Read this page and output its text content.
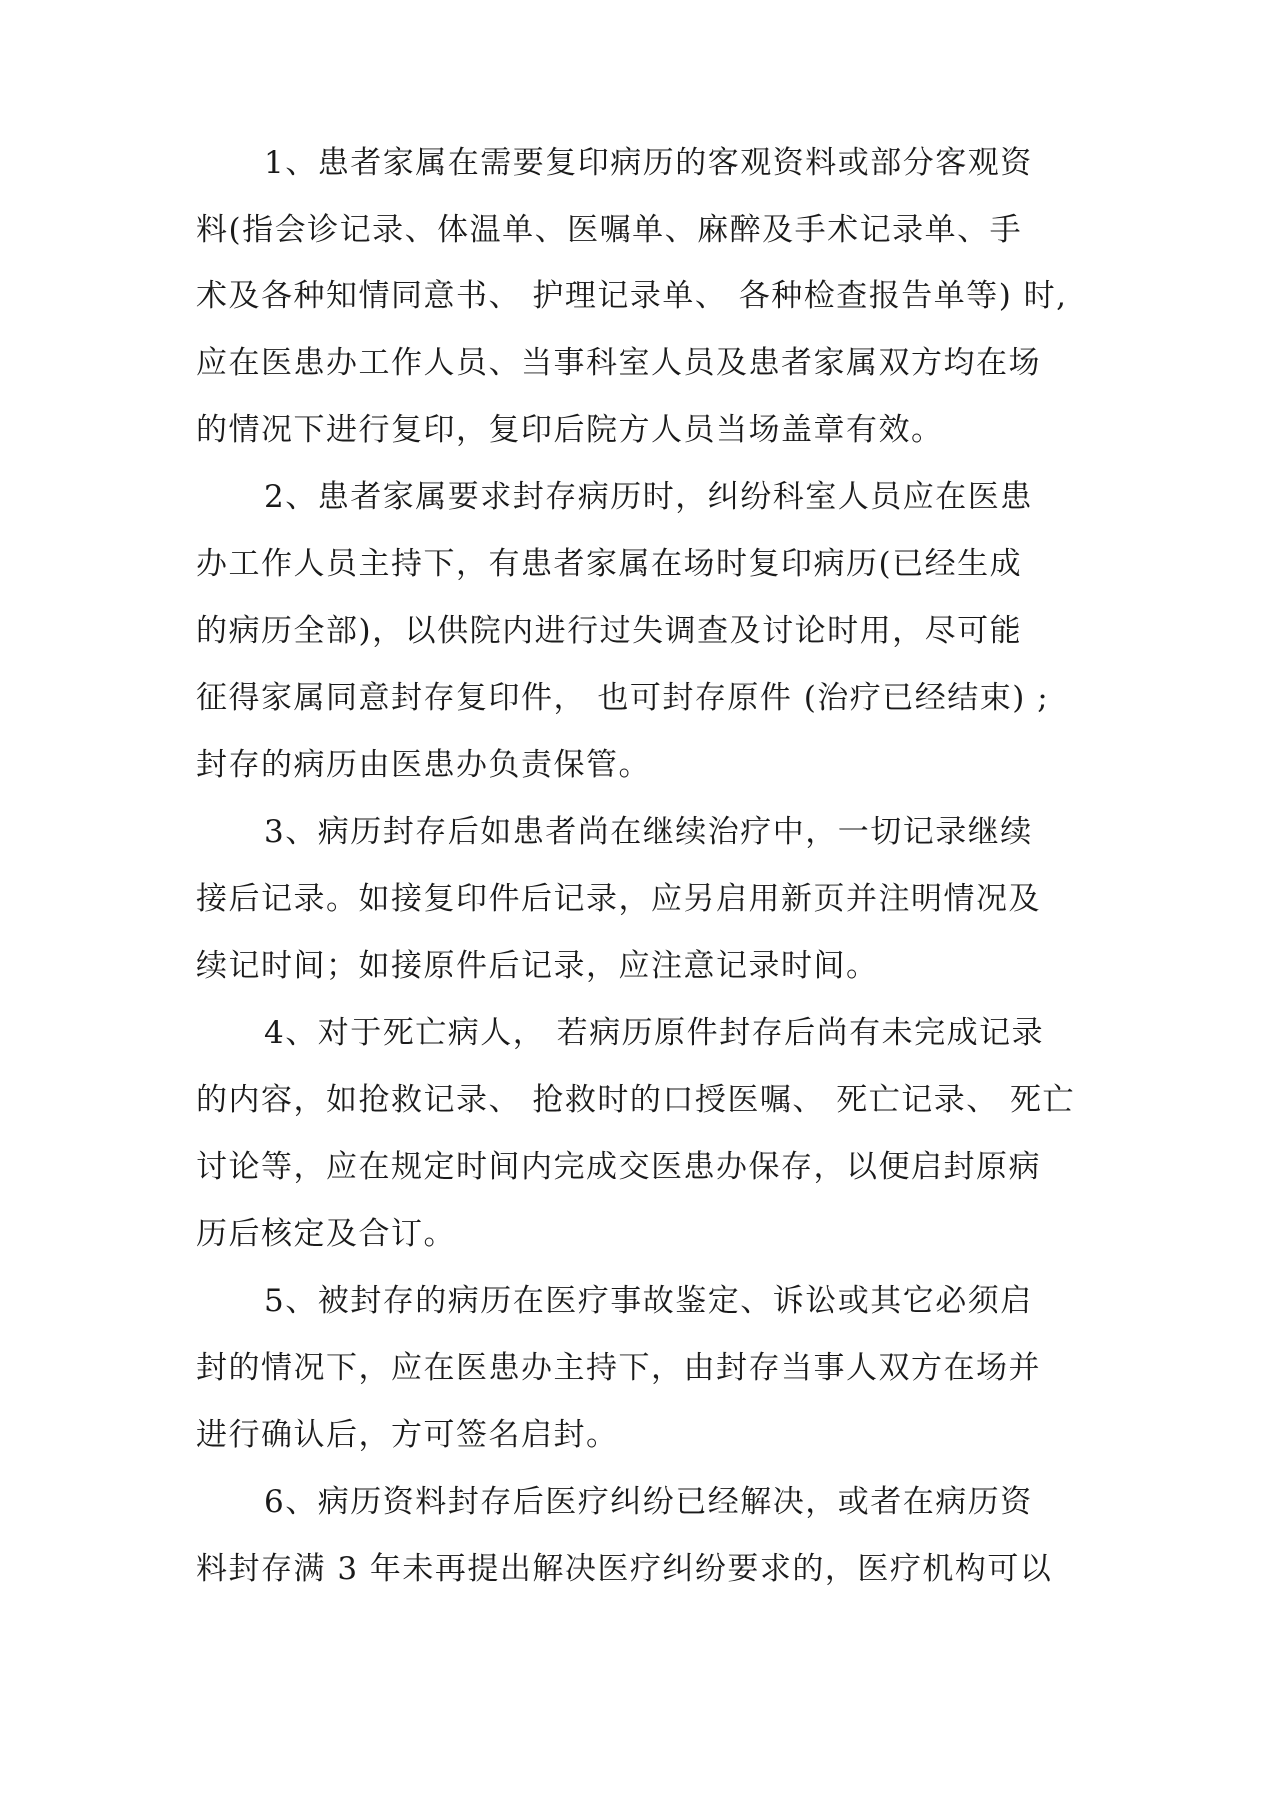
1、患者家属在需要复印病历的客观资料或部分客观资
料(指会诊记录、体温单、医嘱单、麻醉及手术记录单、手
术及各种知情同意书、 护理记录单、 各种检查报告单等) 时,
应在医患办工作人员、当事科室人员及患者家属双方均在场
的情况下进行复印，复印后院方人员当场盖章有效。
2、患者家属要求封存病历时，纠纷科室人员应在医患
办工作人员主持下，有患者家属在场时复印病历(已经生成
的病历全部)，以供院内进行过失调查及讨论时用，尽可能
征得家属同意封存复印件， 也可封存原件 (治疗已经结束) ;
封存的病历由医患办负责保管。
3、病历封存后如患者尚在继续治疗中，一切记录继续
接后记录。如接复印件后记录，应另启用新页并注明情况及
续记时间；如接原件后记录，应注意记录时间。
4、对于死亡病人， 若病历原件封存后尚有未完成记录
的内容，如抢救记录、 抢救时的口授医嘱、 死亡记录、 死亡
讨论等，应在规定时间内完成交医患办保存，以便启封原病
历后核定及合订。
5、被封存的病历在医疗事故鉴定、诉讼或其它必须启
封的情况下，应在医患办主持下，由封存当事人双方在场并
进行确认后，方可签名启封。
6、病历资料封存后医疗纠纷已经解决，或者在病历资
料封存满 3 年未再提出解决医疗纠纷要求的，医疗机构可以
